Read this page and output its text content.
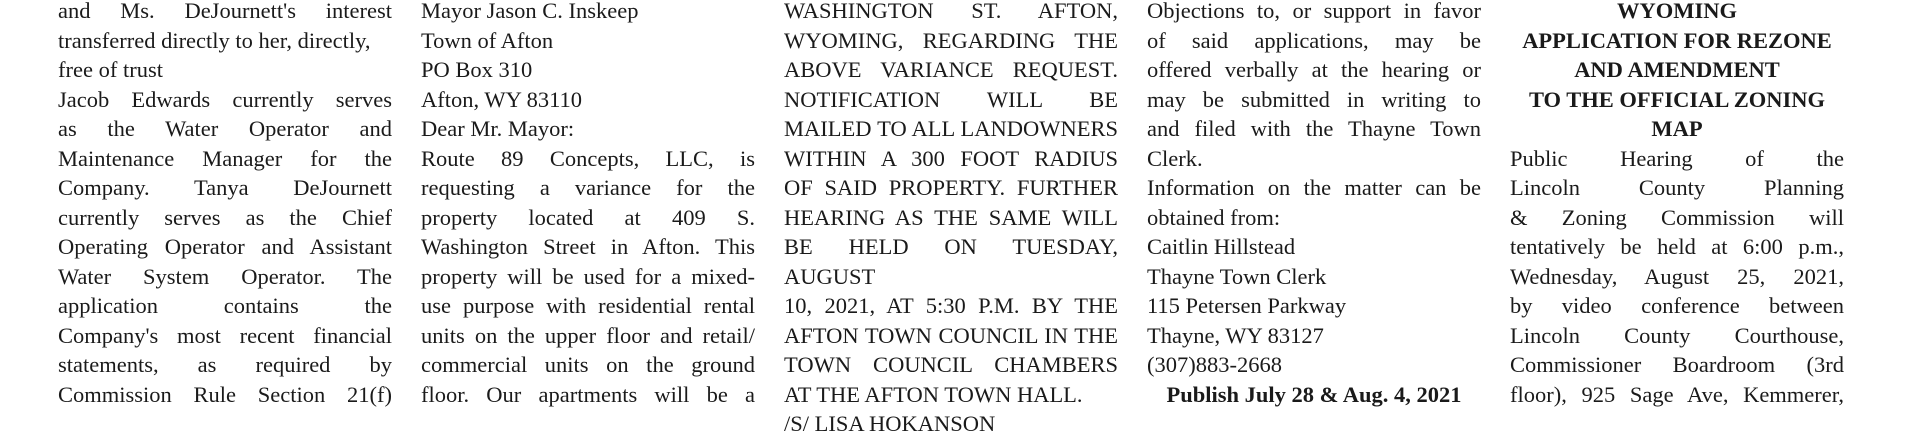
and Ms. DeJournett's interest
transferred directly to her, directly,
free of trust
Jacob Edwards currently serves
as the Water Operator and
Maintenance Manager for the
Company. Tanya DeJournett
currently serves as the Chief
Operating Operator and Assistant
Water System Operator. The
application contains the
Company's most recent financial
statements, as required by
Commission Rule Section 21(f)
Mayor Jason C. Inskeep
Town of Afton
PO Box 310
Afton, WY 83110
Dear Mr. Mayor:
Route 89 Concepts, LLC, is
requesting a variance for the
property located at 409 S.
Washington Street in Afton. This
property will be used for a mixed-
use purpose with residential rental
units on the upper floor and retail/
commercial units on the ground
floor. Our apartments will be a
WASHINGTON ST. AFTON,
WYOMING, REGARDING THE
ABOVE VARIANCE REQUEST.
NOTIFICATION WILL BE
MAILED TO ALL LANDOWNERS
WITHIN A 300 FOOT RADIUS
OF SAID PROPERTY. FURTHER
HEARING AS THE SAME WILL
BE HELD ON TUESDAY, AUGUST
10, 2021, AT 5:30 P.M. BY THE
AFTON TOWN COUNCIL IN THE
TOWN COUNCIL CHAMBERS
AT THE AFTON TOWN HALL.
/S/ LISA HOKANSON
Objections to, or support in favor
of said applications, may be
offered verbally at the hearing or
may be submitted in writing to
and filed with the Thayne Town
Clerk.
Information on the matter can be
obtained from:
Caitlin Hillstead
Thayne Town Clerk
115 Petersen Parkway
Thayne, WY 83127
(307)883-2668
Publish July 28 & Aug. 4, 2021
WYOMING
APPLICATION FOR REZONE
AND AMENDMENT
TO THE OFFICIAL ZONING
MAP
Public Hearing of the
Lincoln County Planning
& Zoning Commission will
tentatively be held at 6:00 p.m.,
Wednesday, August 25, 2021,
by video conference between
Lincoln County Courthouse,
Commissioner Boardroom (3rd
floor), 925 Sage Ave, Kemmerer,
